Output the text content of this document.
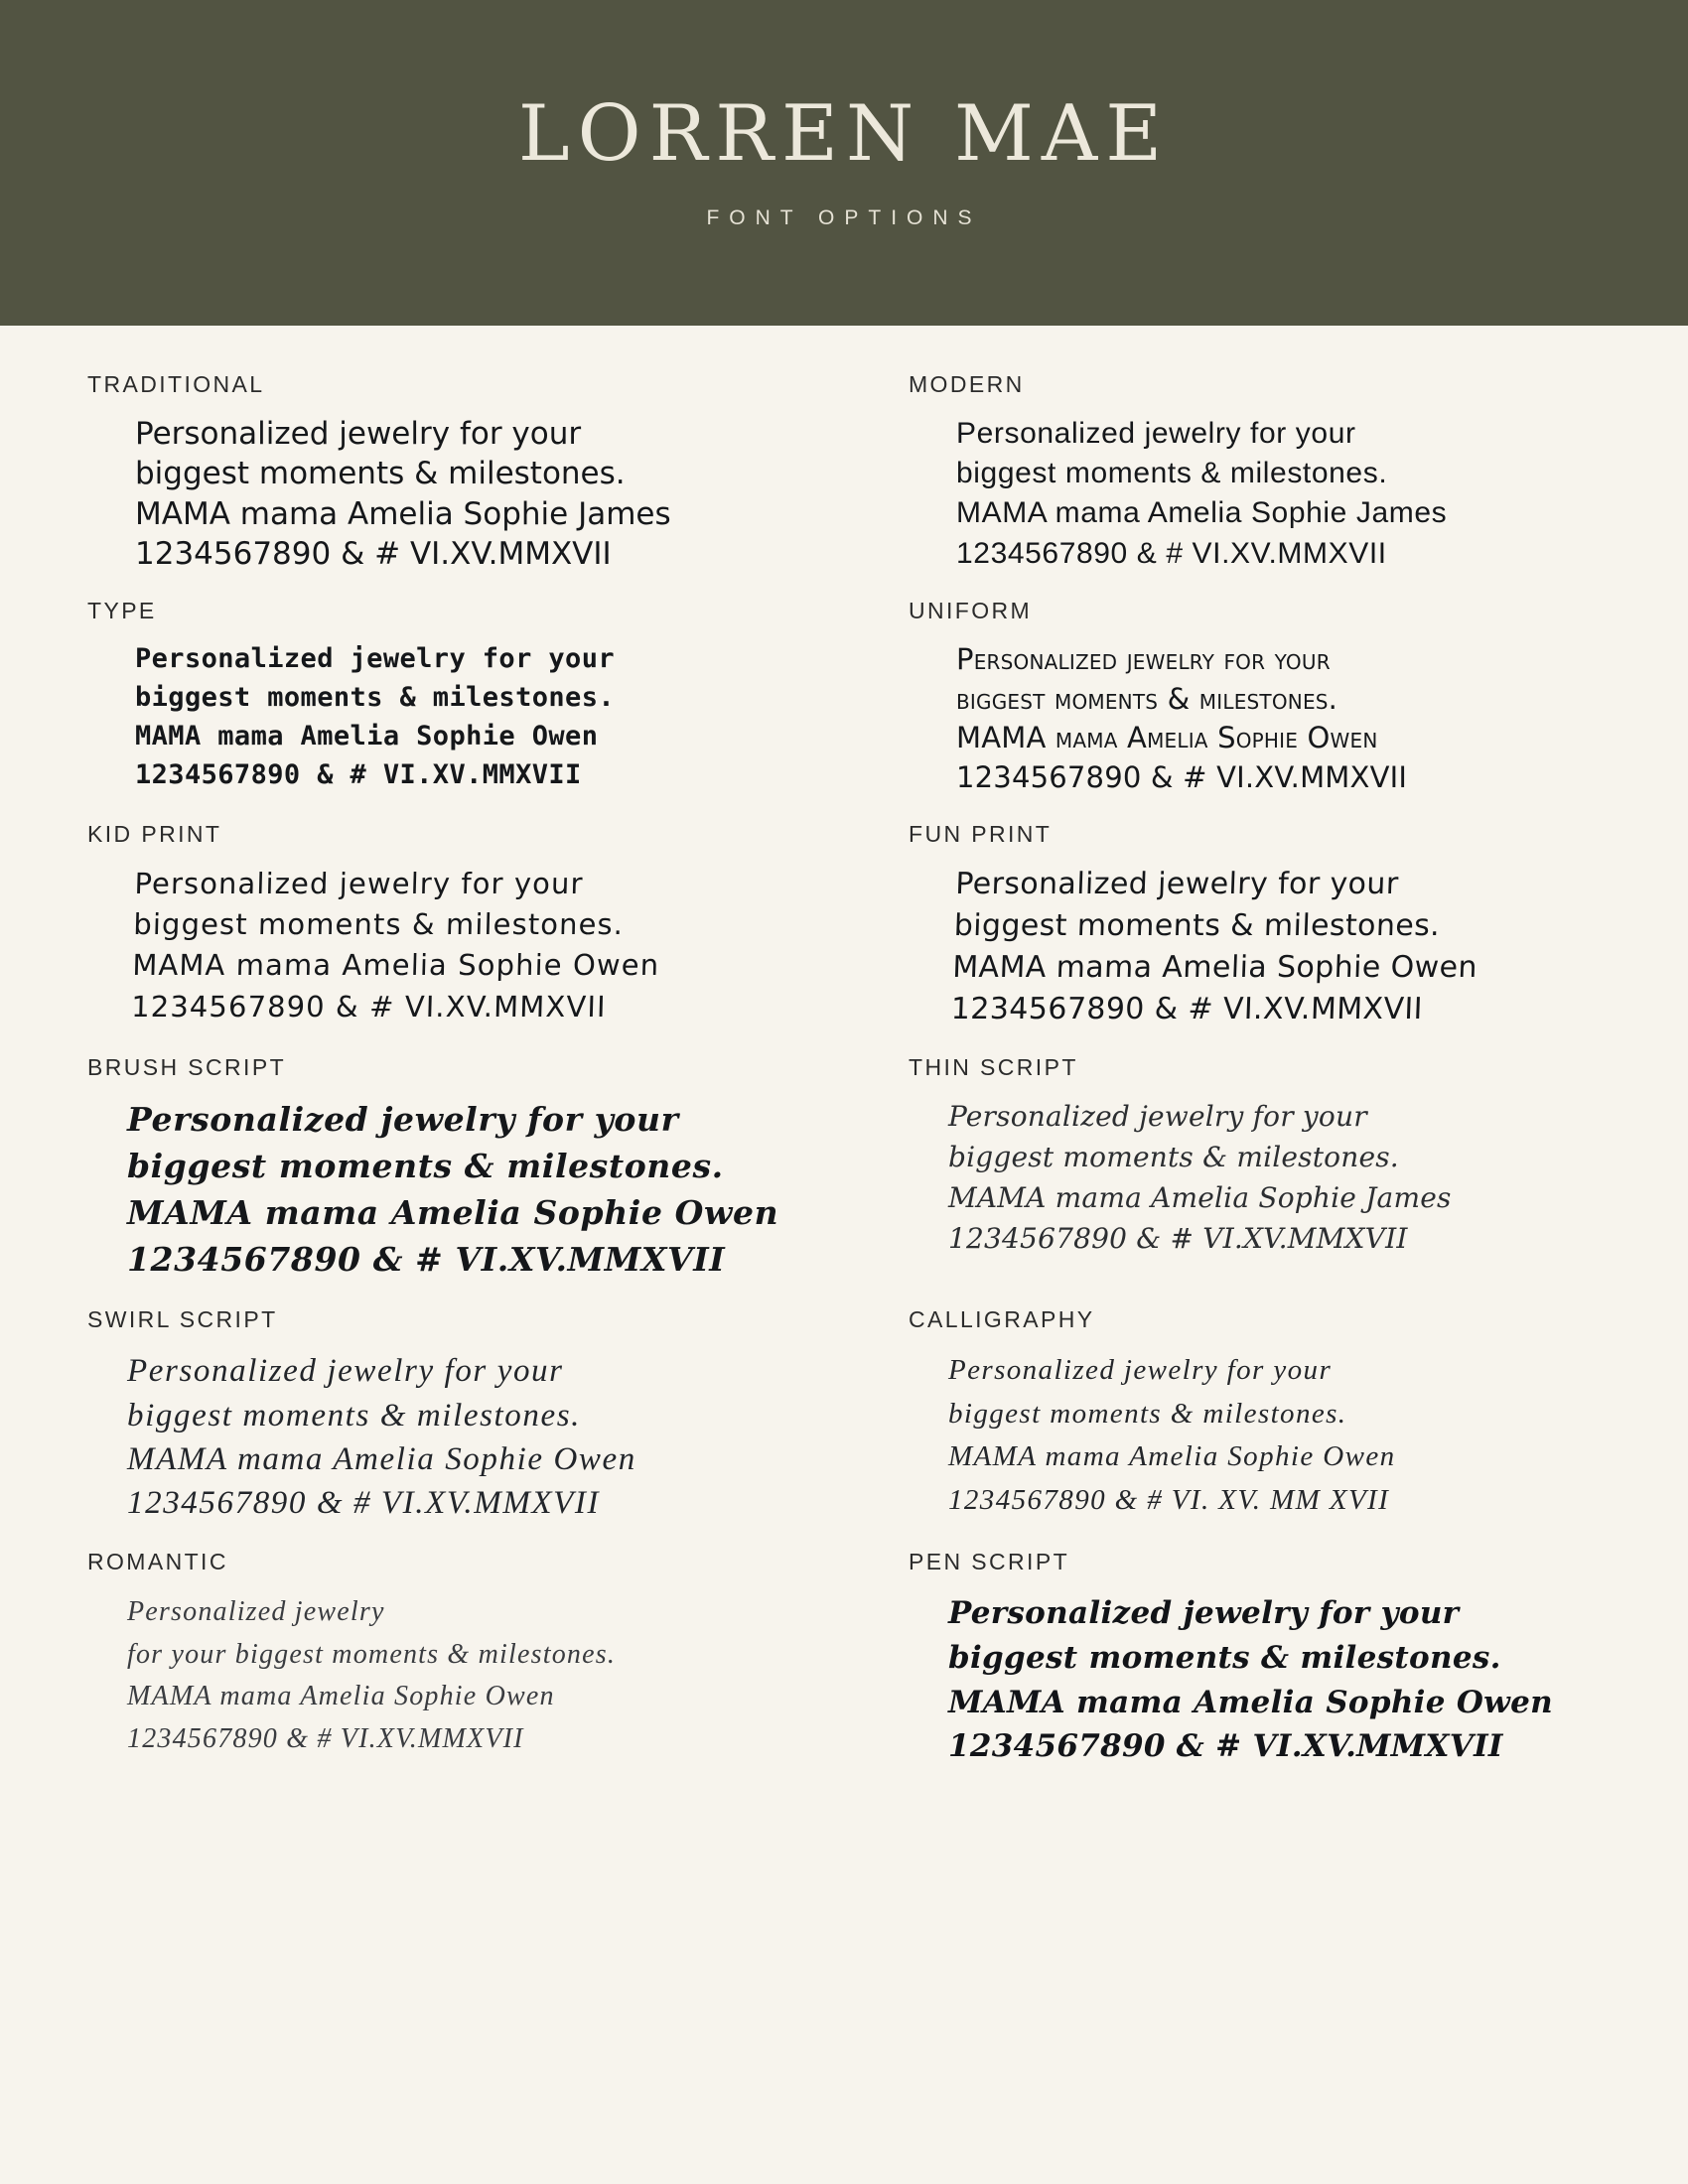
LORREN MAE

FONT OPTIONS

TRADITIONAL
Personalized jewelry for your
biggest moments & milestones.
MAMA mama Amelia Sophie James
1234567890 & # VI.XV.MMXVII
MODERN
Personalized jewelry for your
biggest moments & milestones.
MAMA mama Amelia Sophie James
1234567890 & # VI.XV.MMXVII
TYPE
Personalized jewelry for your
biggest moments & milestones.
MAMA mama Amelia Sophie Owen
1234567890 & # VI.XV.MMXVII
UNIFORM
Personalized jewelry for your
biggest moments & milestones.
MAMA mama Amelia Sophie Owen
1234567890 & # VI.XV.MMXVII
KID PRINT
Personalized jewelry for your
biggest moments & milestones.
MAMA mama Amelia Sophie Owen
1234567890 & # VI.XV.MMXVII
FUN PRINT
Personalized jewelry for your
biggest moments & milestones.
MAMA mama Amelia Sophie Owen
1234567890 & # VI.XV.MMXVII
BRUSH SCRIPT
Personalized jewelry for your
biggest moments & milestones.
MAMA mama Amelia Sophie Owen
1234567890 & # VI.XV.MMXVII
THIN SCRIPT
Personalized jewelry for your
biggest moments & milestones.
MAMA mama Amelia Sophie James
1234567890 & # VI.XV.MMXVII
SWIRL SCRIPT
Personalized jewelry for your
biggest moments & milestones.
MAMA mama Amelia Sophie Owen
1234567890 & # VI.XV.MMXVII
CALLIGRAPHY
Personalized jewelry for your
biggest moments & milestones.
MAMA mama Amelia Sophie Owen
1234567890 & # VI. XV. MM XVII
ROMANTIC
Personalized jewelry
for your biggest moments & milestones.
MAMA mama Amelia Sophie Owen
1234567890 & # VI.XV.MMXVII
PEN SCRIPT
Personalized jewelry for your
biggest moments & milestones.
MAMA mama Amelia Sophie Owen
1234567890 & # VI.XV.MMXVII
